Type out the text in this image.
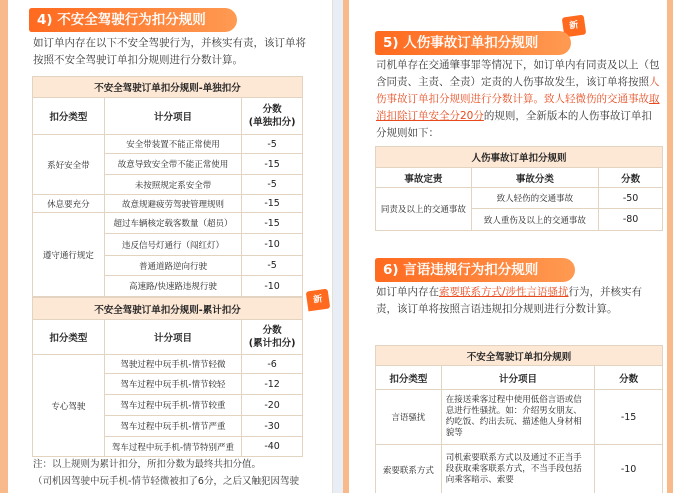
4) 不安全驾驶行为扣分规则
如订单内存在以下不安全驾驶行为，并核实有责，该订单将按照不安全驾驶订单扣分规则进行分数计算。
不安全驾驶订单扣分规则-单独扣分		
扣分类型	计分项目	分数
(单独扣分)
系好安全带	安全带装置不能正常使用	-5
	故意导致安全带不能正常使用	-15
	未按照规定系安全带	-5
休息要充分	故意规避疲劳驾驶管理规则	-15
遵守通行规定	超过车辆核定载客数量（超员）	-15
	违反信号灯通行（闯红灯）	-10
	普通道路逆向行驶	-5
	高速路/快速路违规行驶	-10
新
不安全驾驶订单扣分规则-累计扣分		
扣分类型	计分项目	分数
(累计扣分)
专心驾驶	驾驶过程中玩手机-情节轻微	-6
	驾车过程中玩手机-情节较轻	-12
	驾车过程中玩手机-情节较重	-20
	驾车过程中玩手机-情节严重	-30
	驾车过程中玩手机-情节特别严重	-40
注：以上规则为累计扣分，所扣分数为最终共扣分值。
（司机因驾驶中玩手机-情节轻微被扣了6分，之后又触犯因驾驶
新
5) 人伤事故订单扣分规则
司机单存在交通肇事罪等情况下，如订单内有同责及以上（包含同责、主责、全责）定责的人伤事故发生，该订单将按照人伤事故订单扣分规则进行分数计算。致人轻微伤的交通事故取消扣除订单安全分20分的规则，全新版本的人伤事故订单扣分规则如下：
人伤事故订单扣分规则		
事故定责	事故分类	分数
同责及以上的交通事故	致人轻伤的交通事故	-50
	致人重伤及以上的交通事故	-80
6) 言语违规行为扣分规则
如订单内存在索要联系方式/涉性言语骚扰行为，并核实有责，该订单将按照言语违规扣分规则进行分数计算。
不安全驾驶订单扣分规则		
扣分类型	计分项目	分数
言语骚扰	在接送乘客过程中使用低俗言语或信息进行性骚扰。如：介绍男女朋友、约吃饭、约出去玩、描述他人身材相貌等	-15
索要联系方式	司机索要联系方式以及通过不正当手段获取乘客联系方式，不当手段包括向乘客暗示、索要	-10
